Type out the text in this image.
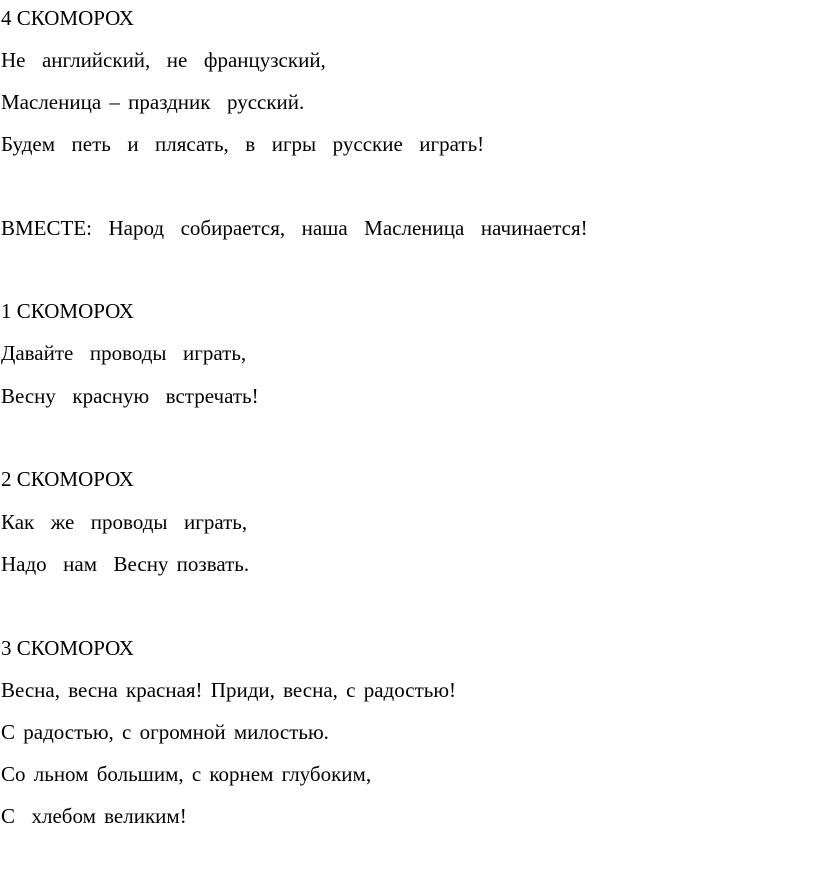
4 СКОМОРОХ

Не  английский,  не  французский,

Масленица – праздник  русский.

Будем  петь  и  плясать,  в  игры  русские  играть!

ВМЕСТЕ:  Народ  собирается,  наша  Масленица  начинается!

1 СКОМОРОХ

Давайте  проводы  играть,

Весну  красную  встречать!

2 СКОМОРОХ

Как  же  проводы  играть,

Надо  нам  Весну позвать.

3 СКОМОРОХ

Весна, весна красная! Приди, весна, с радостью!

С радостью, с огромной милостью.

Со льном большим, с корнем глубоким,

С  хлебом великим!
